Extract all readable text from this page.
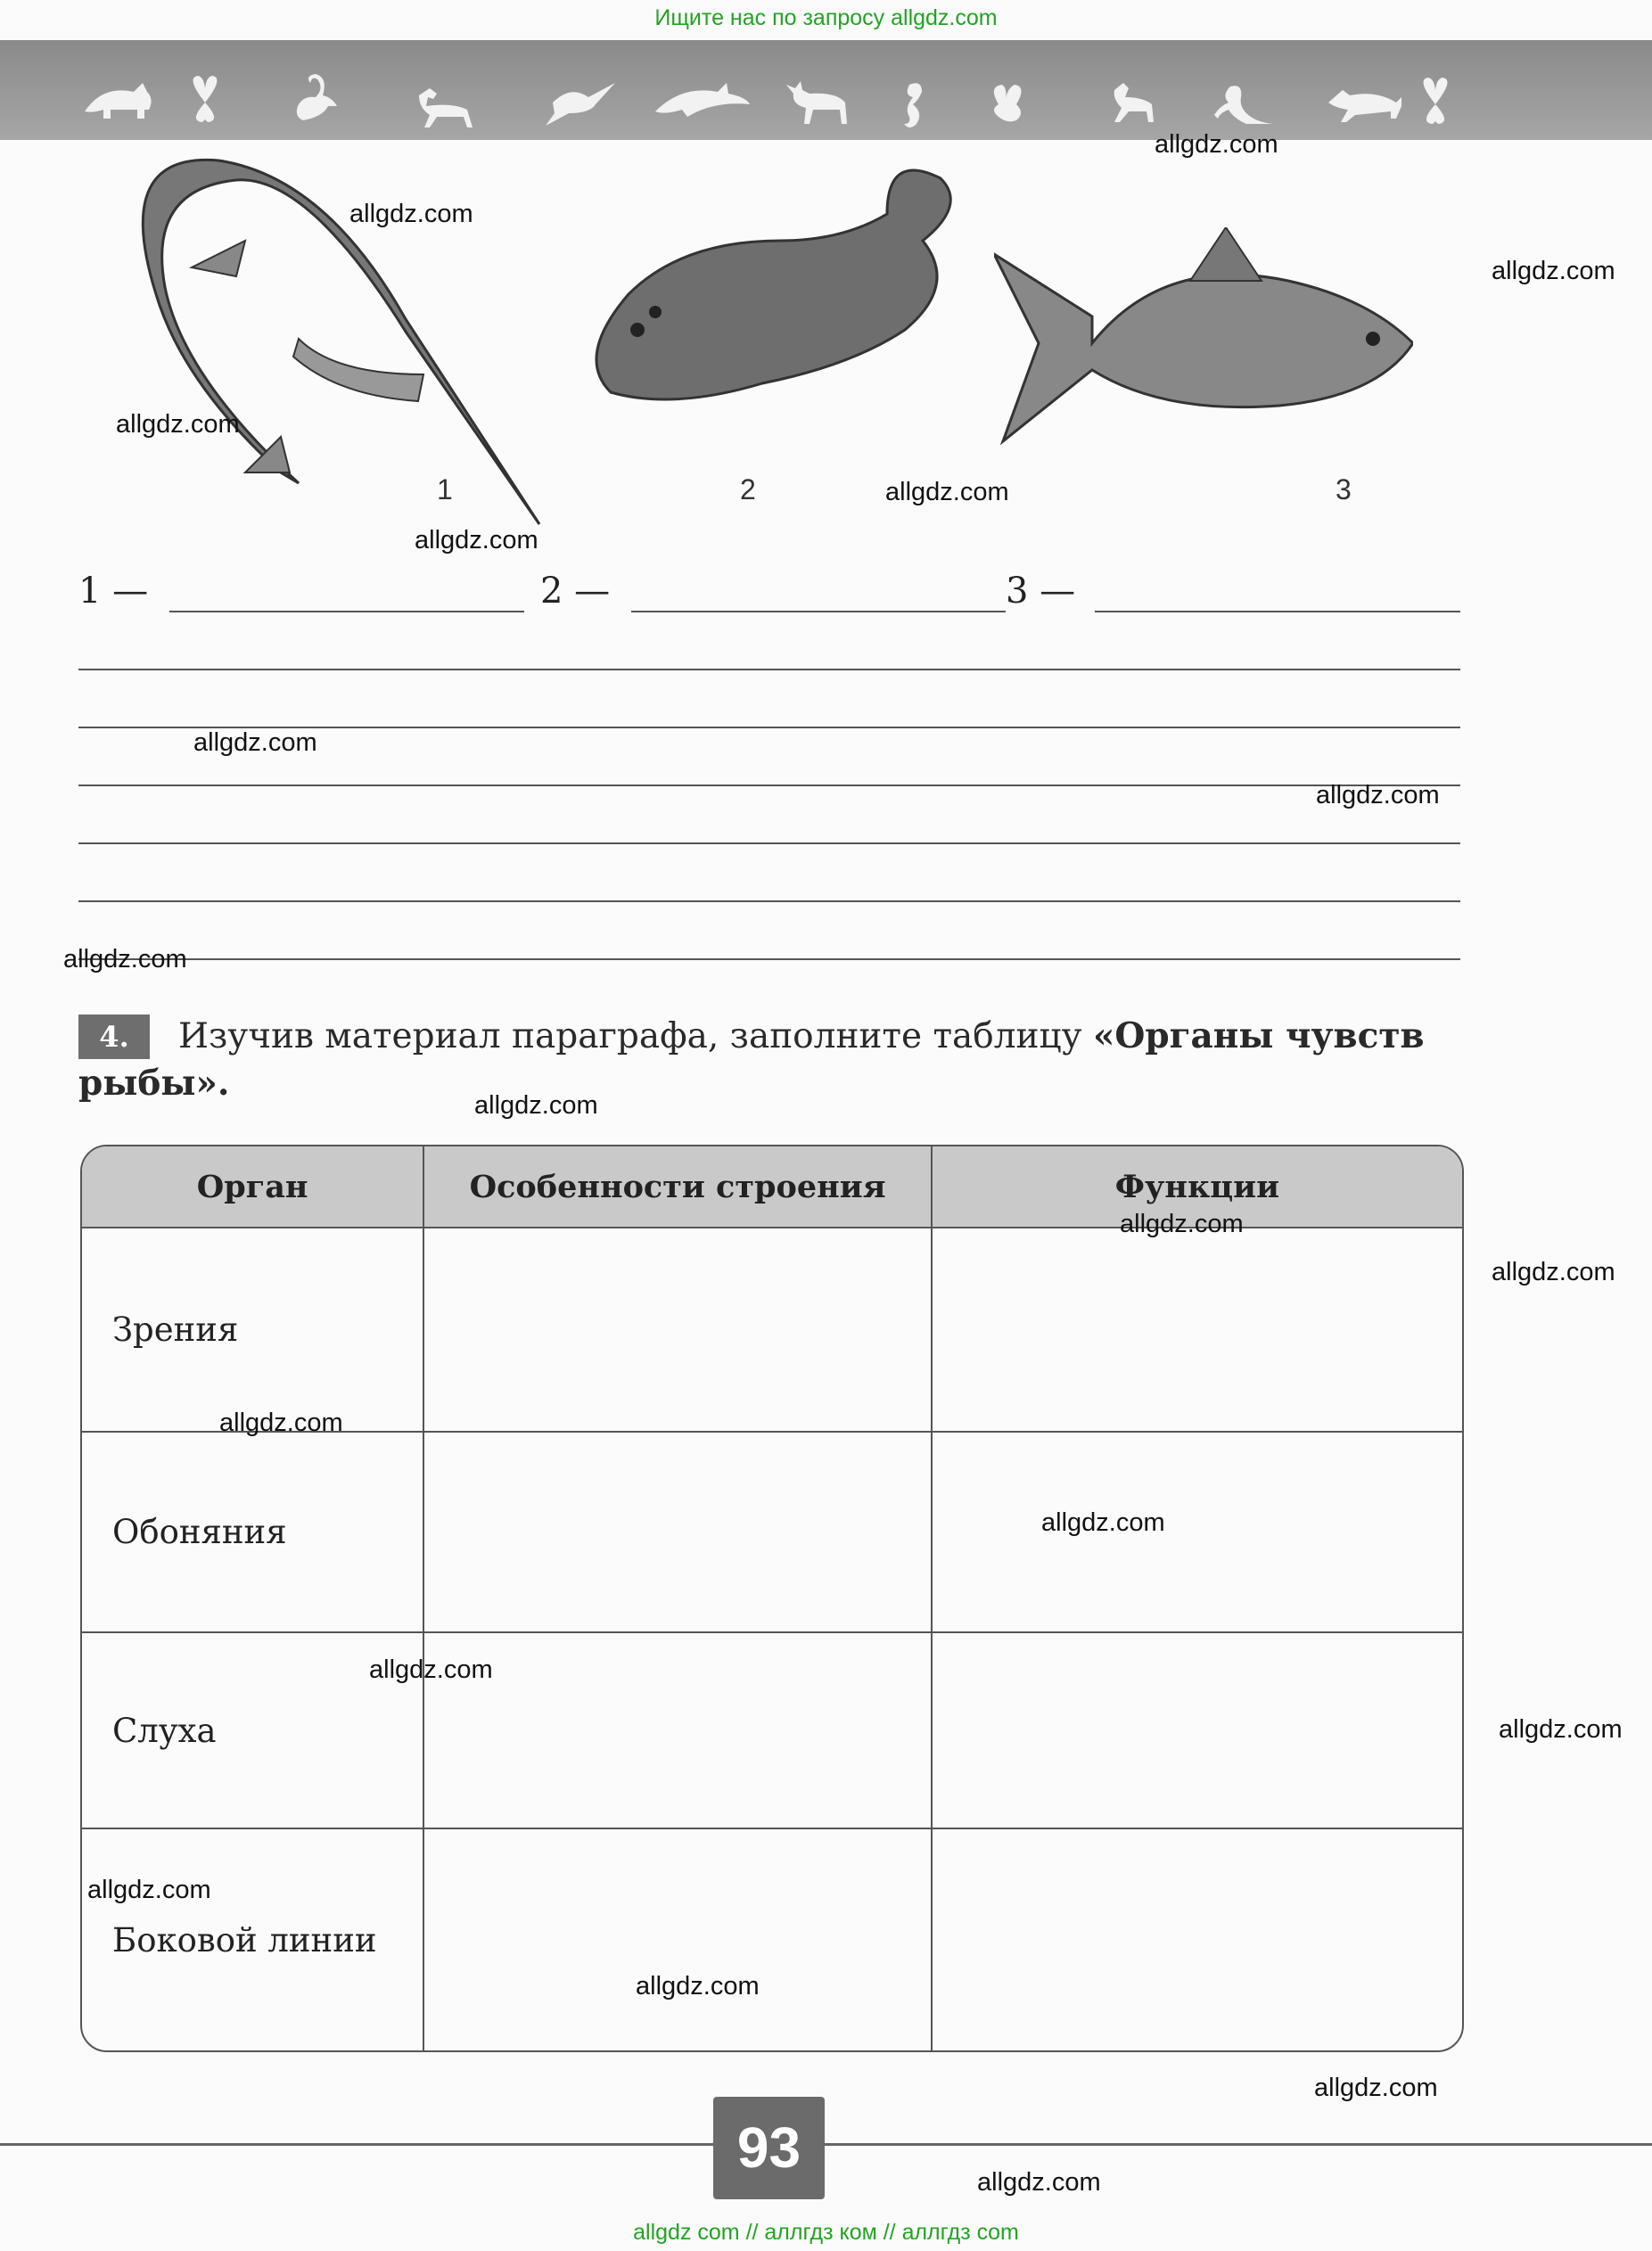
Ищите нас по запросу allgdz.com
1	2	3
1 —	2 —	3 —
4.	Изучив материал параграфа, заполните таблицу «Органы чувств
рыбы».
Орган	Особенности строения	Функции
Зрения		
Обоняния		
Слуха		
Боковой линии		
93
allgdz.com
allgdz.com
allgdz.com
allgdz.com
allgdz.com
allgdz.com
allgdz.com
allgdz.com
allgdz.com
allgdz.com
allgdz.com
allgdz.com
allgdz.com
allgdz.com
allgdz.com
allgdz.com
allgdz.com
allgdz.com
allgdz.com
allgdz.com
allgdz com // аллгдз ком // аллгдз com
